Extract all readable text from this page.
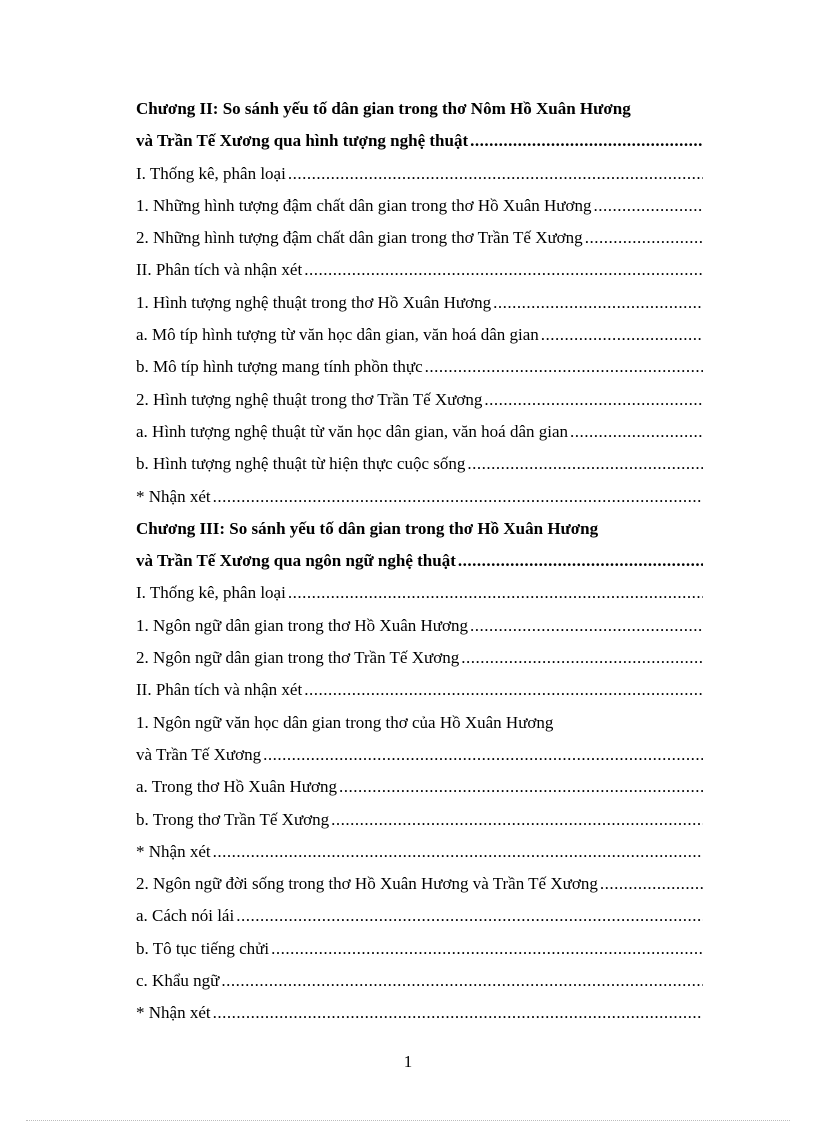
Chương II: So sánh yếu tố dân gian trong thơ Nôm Hồ Xuân Hương
và Trần Tế Xương qua hình tượng nghệ thuật
.....
I. Thống kê, phân loại
.....
1. Những hình tượng đậm chất dân gian trong thơ Hồ Xuân Hương
.....
2. Những hình tượng đậm chất dân gian trong thơ Trần Tế Xương
.....
II. Phân tích và nhận xét
.....
1. Hình tượng nghệ thuật trong thơ Hồ Xuân Hương
.....
a. Mô típ hình tượng từ văn học dân gian, văn hoá dân gian
.....
b. Mô típ hình tượng mang tính phồn thực
.....
2. Hình tượng nghệ thuật trong thơ Trần Tế Xương
.....
a. Hình tượng nghệ thuật từ văn học dân gian, văn hoá dân gian
.....
b. Hình tượng nghệ thuật từ hiện thực cuộc sống
.....
* Nhận xét
.....
Chương III: So sánh yếu tố dân gian trong thơ Hồ Xuân Hương
và Trần Tế Xương qua ngôn ngữ nghệ thuật
.....
I. Thống kê, phân loại
.....
1. Ngôn ngữ dân gian trong thơ Hồ Xuân Hương
.....
2. Ngôn ngữ dân gian trong thơ Trần Tế Xương
.....
II. Phân tích và nhận xét
.....
1. Ngôn ngữ văn học dân gian trong thơ của Hồ Xuân Hương
và Trần Tế Xương
.....
a. Trong thơ Hồ Xuân Hương
.....
b. Trong thơ Trần Tế Xương
.....
* Nhận xét
.....
2. Ngôn ngữ đời sống trong thơ Hồ Xuân Hương và Trần Tế Xương
.....
a. Cách nói lái
.....
b. Tô tục tiếng chửi
.....
c. Khẩu ngữ
.....
* Nhận xét
.....
1
